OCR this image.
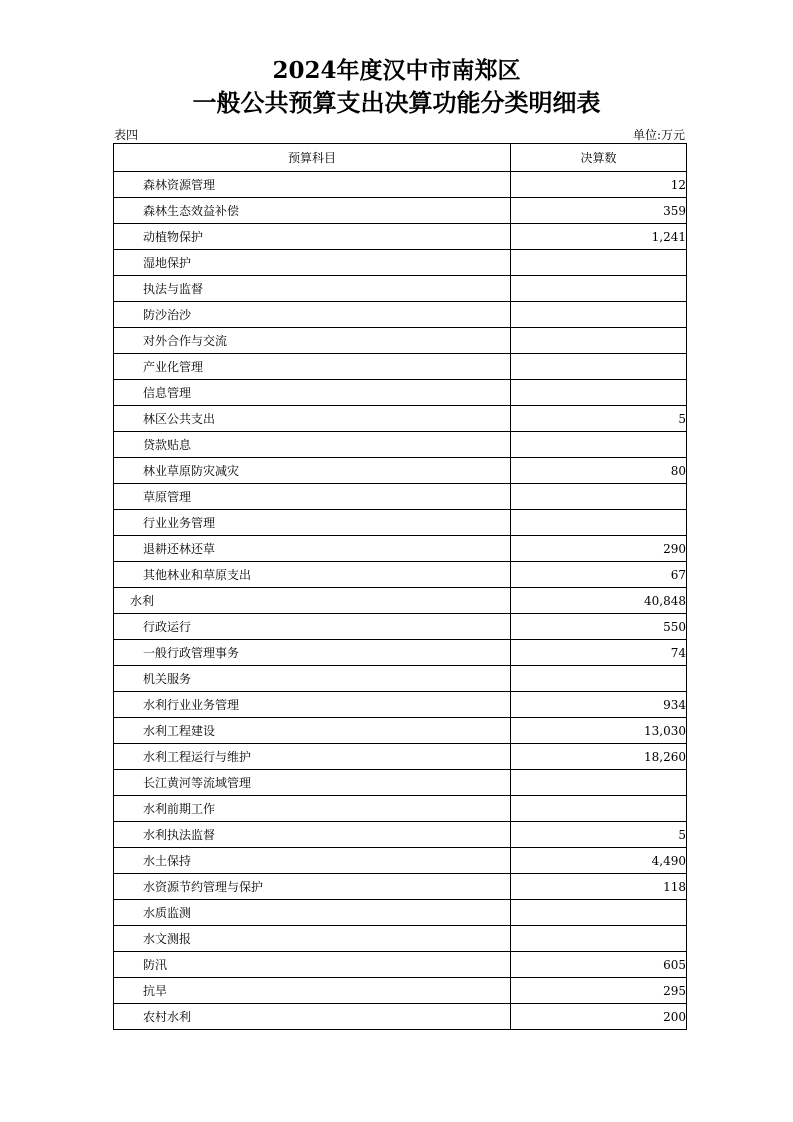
2024年度汉中市南郑区
一般公共预算支出决算功能分类明细表
表四	单位:万元
预算科目	决算数
森林资源管理	12
森林生态效益补偿	359
动植物保护	1,241
湿地保护	
执法与监督	
防沙治沙	
对外合作与交流	
产业化管理	
信息管理	
林区公共支出	5
贷款贴息	
林业草原防灾减灾	80
草原管理	
行业业务管理	
退耕还林还草	290
其他林业和草原支出	67
水利	40,848
行政运行	550
一般行政管理事务	74
机关服务	
水利行业业务管理	934
水利工程建设	13,030
水利工程运行与维护	18,260
长江黄河等流域管理	
水利前期工作	
水利执法监督	5
水土保持	4,490
水资源节约管理与保护	118
水质监测	
水文测报	
防汛	605
抗旱	295
农村水利	200
